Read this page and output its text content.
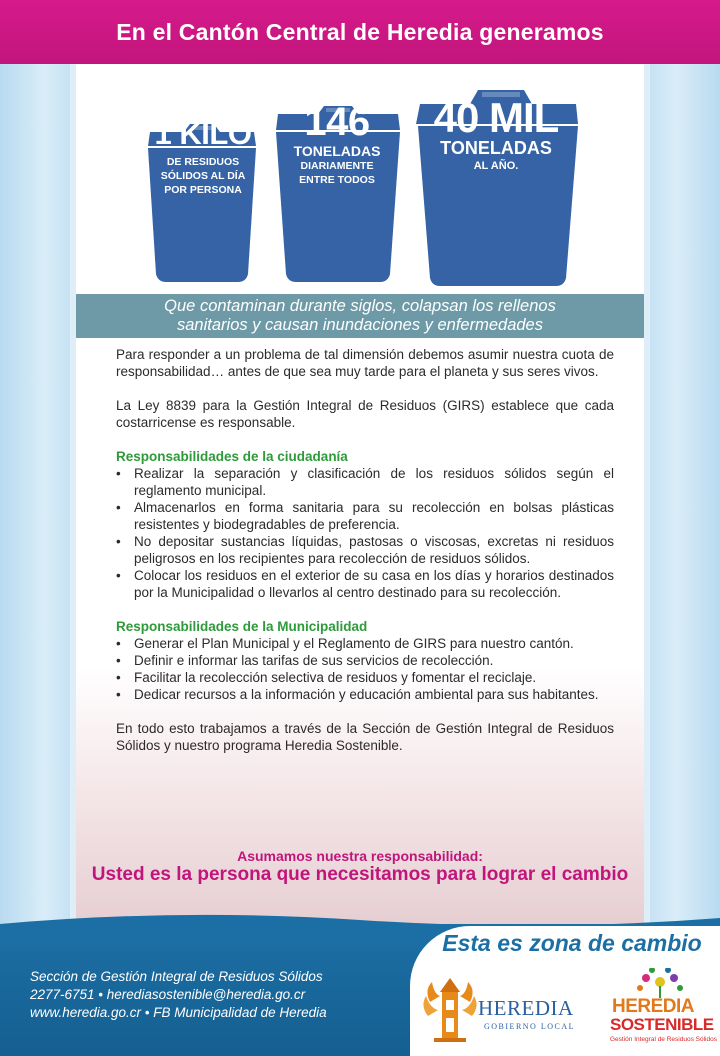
En el Cantón Central de Heredia generamos
1 KILO
DE RESIDUOS
SÓLIDOS AL DÍA
POR PERSONA
146
TONELADAS
DIARIAMENTE
ENTRE TODOS
40 MIL
TONELADAS
AL AÑO.
Que contaminan durante siglos, colapsan los rellenos
sanitarios y causan inundaciones y enfermedades

Para responder a un problema de tal dimensión debemos asumir nuestra cuota de responsabilidad… antes de que sea muy tarde para el planeta y sus seres vivos.

La Ley 8839 para la Gestión Integral de Residuos (GIRS) establece que cada costarricense es responsable.

Responsabilidades de la ciudadanía
• Realizar la separación y clasificación de los residuos sólidos según el reglamento municipal.
• Almacenarlos en forma sanitaria para su recolección en bolsas plásticas resistentes y biodegradables de preferencia.
• No depositar sustancias líquidas, pastosas o viscosas, excretas ni residuos peligrosos en los recipientes para recolección de residuos sólidos.
• Colocar los residuos en el exterior de su casa en los días y horarios destinados por la Municipalidad o llevarlos al centro destinado para su recolección.
Responsabilidades de la Municipalidad
• Generar el Plan Municipal y el Reglamento de GIRS para nuestro cantón.
• Definir e informar las tarifas de sus servicios de recolección.
• Facilitar la recolección selectiva de residuos y fomentar el reciclaje.
• Dedicar recursos a la información y educación ambiental para sus habitantes.

En todo esto trabajamos a través de la Sección de Gestión Integral de Residuos Sólidos y nuestro programa Heredia Sostenible.

Asumamos nuestra responsabilidad:
Usted es la persona que necesitamos para lograr el cambio
Sección de Gestión Integral de Residuos Sólidos
2277-6751 • herediasostenible@heredia.go.cr
www.heredia.go.cr • FB Municipalidad de Heredia
Esta es zona de cambio
HEREDIA
GOBIERNO LOCAL
HEREDIA
SOSTENIBLE
Gestión Integral de Residuos Sólidos
